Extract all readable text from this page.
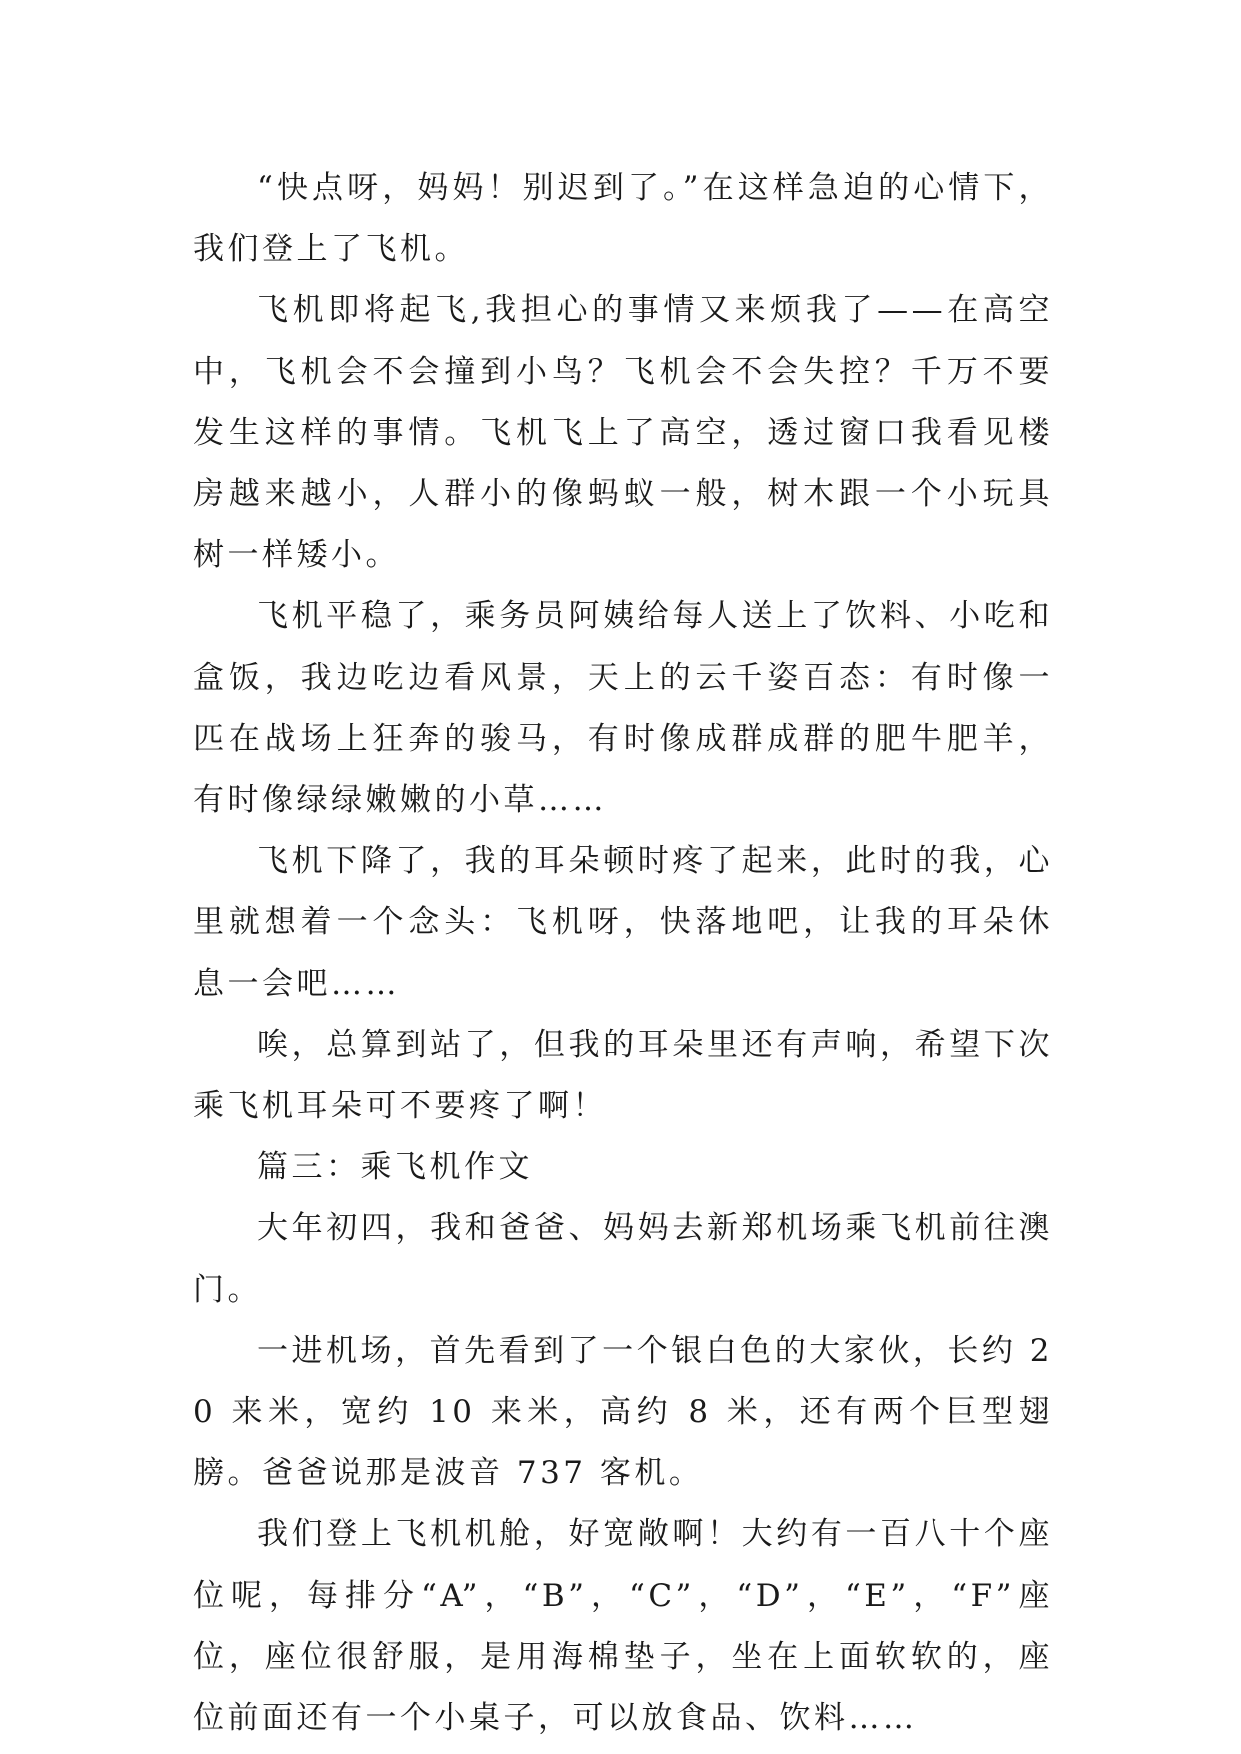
“快点呀，妈妈！别迟到了。”在这样急迫的心情下，我们登上了飞机。

飞机即将起飞,我担心的事情又来烦我了——在高空中，飞机会不会撞到小鸟？飞机会不会失控？千万不要发生这样的事情。飞机飞上了高空，透过窗口我看见楼房越来越小，人群小的像蚂蚁一般，树木跟一个小玩具树一样矮小。

飞机平稳了，乘务员阿姨给每人送上了饮料、小吃和盒饭，我边吃边看风景，天上的云千姿百态：有时像一匹在战场上狂奔的骏马，有时像成群成群的肥牛肥羊，有时像绿绿嫩嫩的小草……

飞机下降了，我的耳朵顿时疼了起来，此时的我，心里就想着一个念头：飞机呀，快落地吧，让我的耳朵休息一会吧……

唉，总算到站了，但我的耳朵里还有声响，希望下次乘飞机耳朵可不要疼了啊！

篇三：乘飞机作文

大年初四，我和爸爸、妈妈去新郑机场乘飞机前往澳门。

一进机场，首先看到了一个银白色的大家伙，长约 20 来米，宽约 10 来米，高约 8 米，还有两个巨型翅膀。爸爸说那是波音 737 客机。

我们登上飞机机舱，好宽敞啊！大约有一百八十个座位呢，每排分“A”，“B”，“C”，“D”，“E”，“F”座位，座位很舒服，是用海棉垫子，坐在上面软软的，座位前面还有一个小桌子，可以放食品、饮料……
